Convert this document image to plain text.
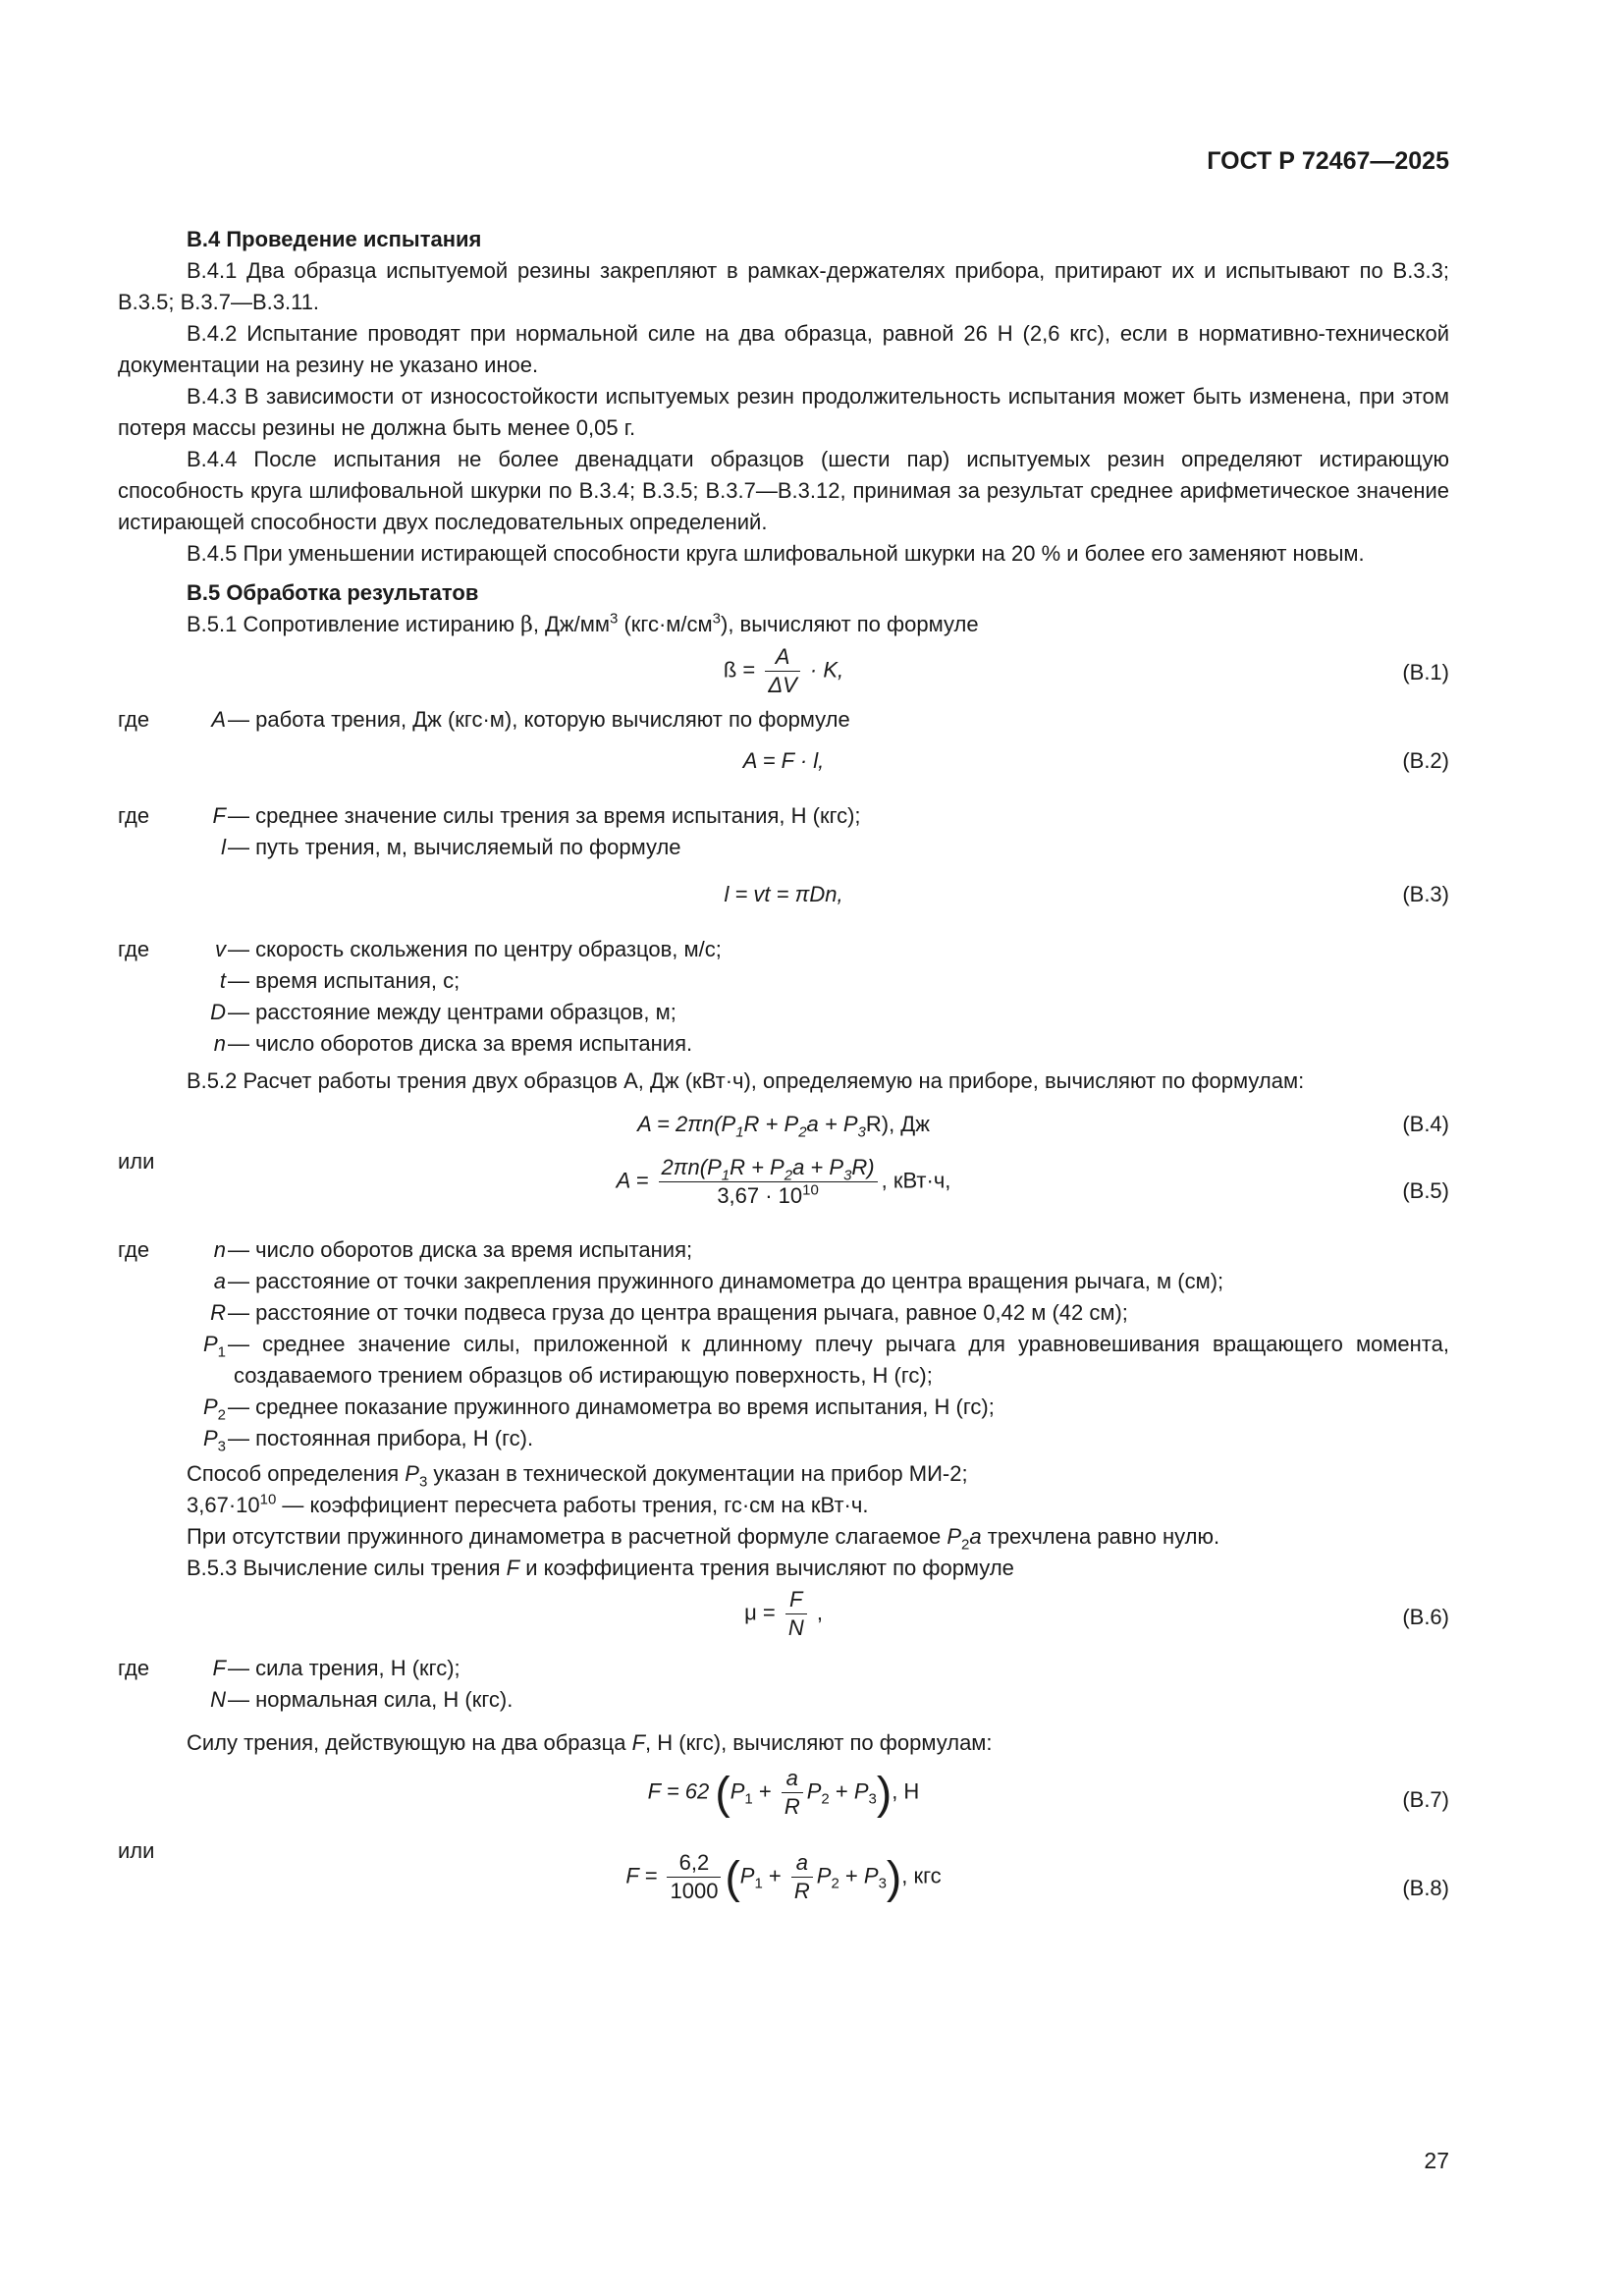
ГОСТ Р 72467—2025

В.4 Проведение испытания

В.4.1 Два образца испытуемой резины закрепляют в рамках-держателях прибора, притирают их и испытывают по В.3.3; В.3.5; В.3.7—В.3.11.

В.4.2 Испытание проводят при нормальной силе на два образца, равной 26 Н (2,6 кгс), если в нормативно-технической документации на резину не указано иное.

В.4.3 В зависимости от износостойкости испытуемых резин продолжительность испытания может быть изменена, при этом потеря массы резины не должна быть менее 0,05 г.

В.4.4 После испытания не более двенадцати образцов (шести пар) испытуемых резин определяют истирающую способность круга шлифовальной шкурки по В.3.4; В.3.5; В.3.7—В.3.12, принимая за результат среднее арифметическое значение истирающей способности двух последовательных определений.

В.4.5 При уменьшении истирающей способности круга шлифовальной шкурки на 20 % и более его заменяют новым.

В.5 Обработка результатов

В.5.1 Сопротивление истиранию β, $Дж/мм^3$ $(кгс\cdot м/см^3)$, вычисляют по формуле

ß = $\frac{A}{\Delta V} \cdot K$,	(В.1)
где	A — работа трения, Дж (кгс·м), которую вычисляют по формуле
A = F · l,	(В.2)
где	F — среднее значение силы трения за время испытания, Н (кгс);
l — путь трения, м, вычисляемый по формуле
l = vt = πDn,	(В.3)
где	v — скорость скольжения по центру образцов, м/с;
t — время испытания, с;
D — расстояние между центрами образцов, м;
n — число оборотов диска за время испытания.

В.5.2 Расчет работы трения двух образцов А, Дж (кВт·ч), определяемую на приборе, вычисляют по формулам:

$A = 2\pi n(P_1R + P_2a + P_3R)$, Дж	(В.4)
или
$A = \frac{2\pi n(P_1R + P_2a + P_3R)}{3,67 \cdot 10^{10}}$ , кВт·ч,	(В.5)
где	n — число оборотов диска за время испытания;
a — расстояние от точки закрепления пружинного динамометра до центра вращения рычага, м (см);
R — расстояние от точки подвеса груза до центра вращения рычага, равное 0,42 м (42 см);
$P_1$ — среднее значение силы, приложенной к длинному плечу рычага для уравновешивания вращающего момента, создаваемого трением образцов об истирающую поверхность, Н (гс);
$P_2$ — среднее показание пружинного динамометра во время испытания, Н (гс);
$P_3$ — постоянная прибора, Н (гс).

Способ определения $P_3$ указан в технической документации на прибор МИ-2;

$3,67\cdot 10^{10}$ — коэффициент пересчета работы трения, гс·см на кВт·ч.

При отсутствии пружинного динамометра в расчетной формуле слагаемое $P_2a$ трехчлена равно нулю.

В.5.3 Вычисление силы трения F и коэффициента трения вычисляют по формуле

$\mu = \frac{F}{N}$ ,	(В.6)
где	F — сила трения, Н (кгс);
N — нормальная сила, Н (кгс).

Силу трения, действующую на два образца F, Н (кгс), вычисляют по формулам:

F = 62 $(P_1 + \frac{a}{R} P_2 + P_3)$, Н	(В.7)
или
$F = \frac{6,2}{1000} (P_1 + \frac{a}{R} P_2 + P_3)$, кгс
(В.8)
27
